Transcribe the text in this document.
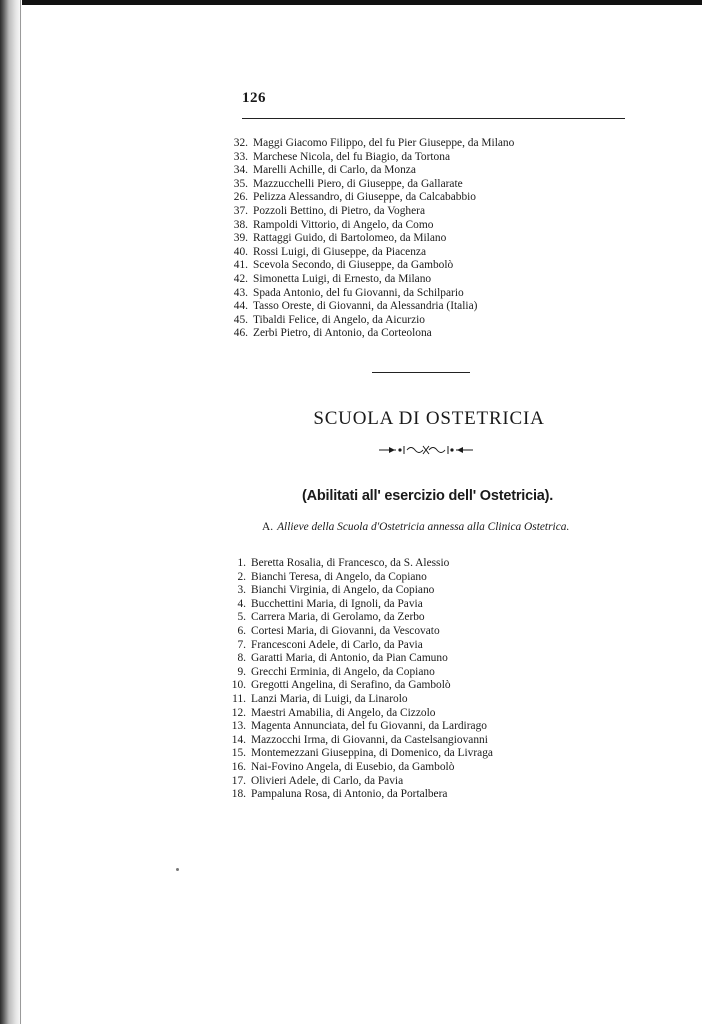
126
32. Maggi Giacomo Filippo, del fu Pier Giuseppe, da Milano
33. Marchese Nicola, del fu Biagio, da Tortona
34. Marelli Achille, di Carlo, da Monza
35. Mazzucchelli Piero, di Giuseppe, da Gallarate
26. Pelizza Alessandro, di Giuseppe, da Calcababbio
37. Pozzoli Bettino, di Pietro, da Voghera
38. Rampoldi Vittorio, di Angelo, da Como
39. Rattaggi Guido, di Bartolomeo, da Milano
40. Rossi Luigi, di Giuseppe, da Piacenza
41. Scevola Secondo, di Giuseppe, da Gambolò
42. Simonetta Luigi, di Ernesto, da Milano
43. Spada Antonio, del fu Giovanni, da Schilpario
44. Tasso Oreste, di Giovanni, da Alessandria (Italia)
45. Tibaldi Felice, di Angelo, da Aicurzio
46. Zerbi Pietro, di Antonio, da Corteolona
SCUOLA DI OSTETRICIA
(Abilitati all' esercizio dell' Ostetricia).
A. Allieve della Scuola d'Ostetricia annessa alla Clinica Ostetrica.
1. Beretta Rosalia, di Francesco, da S. Alessio
2. Bianchi Teresa, di Angelo, da Copiano
3. Bianchi Virginia, di Angelo, da Copiano
4. Bucchettini Maria, di Ignoli, da Pavia
5. Carrera Maria, di Gerolamo, da Zerbo
6. Cortesi Maria, di Giovanni, da Vescovato
7. Francesconi Adele, di Carlo, da Pavia
8. Garatti Maria, di Antonio, da Pian Camuno
9. Grecchi Erminia, di Angelo, da Copiano
10. Gregotti Angelina, di Serafino, da Gambolò
11. Lanzi Maria, di Luigi, da Linarolo
12. Maestri Amabilia, di Angelo, da Cizzolo
13. Magenta Annunciata, del fu Giovanni, da Lardirago
14. Mazzocchi Irma, di Giovanni, da Castelsangiovanni
15. Montemezzani Giuseppina, di Domenico, da Livraga
16. Nai-Fovino Angela, di Eusebio, da Gambolò
17. Olivieri Adele, di Carlo, da Pavia
18. Pampaluna Rosa, di Antonio, da Portalbera
